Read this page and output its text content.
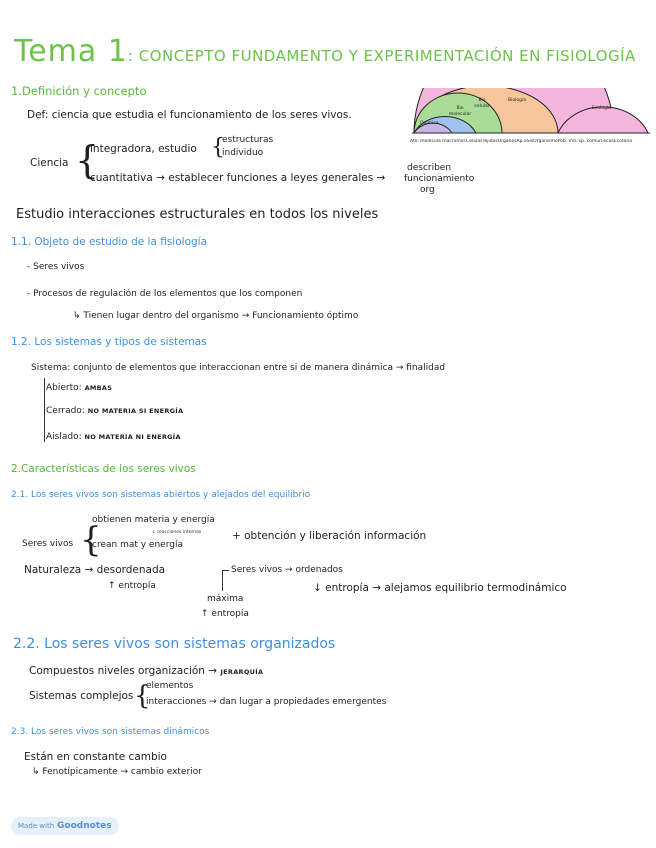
Tema 1: CONCEPTO FUNDAMENTO Y EXPERIMENTACIÓN EN FISIOLOGÍA
1.Definición y concepto
Def: ciencia que estudia el funcionamiento de los seres vivos.
Ciencia {
integradora, estudio {
estructuras
individuo
cuantitativa → establecer funciones a leyes generales →
describen
funcionamiento
org
Estudio interacciones estructurales en todos los niveles
Química
Bio molecular
Bio celular
Biología
Ecología
Ato. molécula macromol.CélulasTejidosOrganosAp.aSisOrganismoPob. Ind. sp. comun.ecosEcotona
1.1. Objeto de estudio de la fisiología
- Seres vivos
- Procesos de regulación de los elementos que los componen
↳ Tienen lugar dentro del organismo → Funcionamiento óptimo
1.2. Los sistemas y tipos de sistemas
Sistema: conjunto de elementos que interaccionan entre si de manera dinámica → finalidad
Abierto: AMBAS
Cerrado: NO MATERIA SI ENERGÍA
Aislado: NO MATERIA NI ENERGÍA
2.Características de los seres vivos
2.1. Los seres vivos son sistemas abiertos y alejados del equilibrio
Seres vivos {
obtienen materia y energía
↓ reacciones internas
crean mat y energía
+ obtención y liberación información
Naturaleza → desordenada
↑ entropía
Seres vivos → ordenados
↓ entropía → alejamos equilibrio termodinámico
máxima
↑ entropía
2.2. Los seres vivos son sistemas organizados
Compuestos niveles organización → JERARQUÍA
Sistemas complejos {
elementos
interacciones → dan lugar a propiedades emergentes
2.3. Los seres vivos son sistemas dinámicos
Están en constante cambio
↳ Fenotípicamente → cambio exterior
Made with Goodnotes
